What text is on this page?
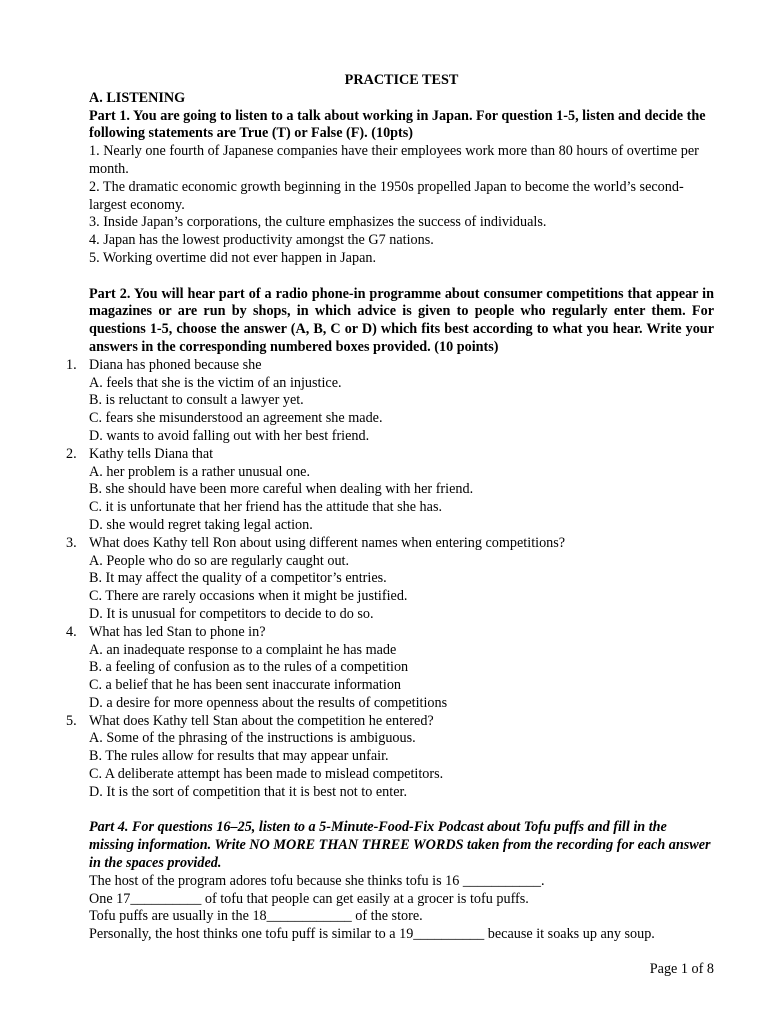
PRACTICE TEST
A. LISTENING
Part 1. You are going to listen to a talk about working in Japan. For question 1-5, listen and decide the following statements are True (T) or False (F). (10pts)
1. Nearly one fourth of Japanese companies have their employees work more than 80 hours of overtime per month.
2. The dramatic economic growth beginning in the 1950s propelled Japan to become the world’s second-largest economy.
3. Inside Japan’s corporations, the culture emphasizes the success of individuals.
4. Japan has the lowest productivity amongst the G7 nations.
5. Working overtime did not ever happen in Japan.
Part 2. You will hear part of a radio phone-in programme about consumer competitions that appear in magazines or are run by shops, in which advice is given to people who regularly enter them. For questions 1-5, choose the answer (A, B, C or D) which fits best according to what you hear. Write your answers in the corresponding numbered boxes provided. (10 points)
1. Diana has phoned because she
A. feels that she is the victim of an injustice.
B. is reluctant to consult a lawyer yet.
C. fears she misunderstood an agreement she made.
D. wants to avoid falling out with her best friend.
2. Kathy tells Diana that
A. her problem is a rather unusual one.
B. she should have been more careful when dealing with her friend.
C. it is unfortunate that her friend has the attitude that she has.
D. she would regret taking legal action.
3. What does Kathy tell Ron about using different names when entering competitions?
A. People who do so are regularly caught out.
B. It may affect the quality of a competitor’s entries.
C. There are rarely occasions when it might be justified.
D. It is unusual for competitors to decide to do so.
4. What has led Stan to phone in?
A. an inadequate response to a complaint he has made
B. a feeling of confusion as to the rules of a competition
C. a belief that he has been sent inaccurate information
D. a desire for more openness about the results of competitions
5. What does Kathy tell Stan about the competition he entered?
A. Some of the phrasing of the instructions is ambiguous.
B. The rules allow for results that may appear unfair.
C. A deliberate attempt has been made to mislead competitors.
D. It is the sort of competition that it is best not to enter.
Part 4. For questions 16–25, listen to a 5-Minute-Food-Fix Podcast about Tofu puffs and fill in the missing information. Write NO MORE THAN THREE WORDS taken from the recording for each answer in the spaces provided.
The host of the program adores tofu because she thinks tofu is 16 ___________.
One 17__________ of tofu that people can get easily at a grocer is tofu puffs.
Tofu puffs are usually in the 18____________ of the store.
Personally, the host thinks one tofu puff is similar to a 19__________ because it soaks up any soup.
Page 1 of 8
